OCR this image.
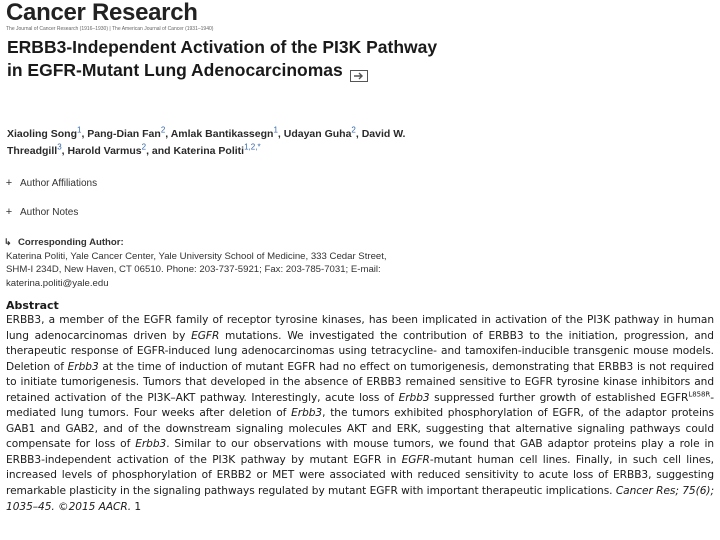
Cancer Research
The Journal of Cancer Research (1916–1930) | The American Journal of Cancer (1931–1940)
ERBB3-Independent Activation of the PI3K Pathway in EGFR-Mutant Lung Adenocarcinomas
Xiaoling Song$^1$, Pang-Dian Fan$^2$, Amlak Bantikassegn$^1$, Udayan Guha$^2$, David W. Threadgill$^3$, Harold Varmus$^2$, and Katerina Politi$^{1,2,*}$
+ Author Affiliations
+ Author Notes
↳ Corresponding Author:
Katerina Politi, Yale Cancer Center, Yale University School of Medicine, 333 Cedar Street,
SHM-I 234D, New Haven, CT 06510. Phone: 203-737-5921; Fax: 203-785-7031; E-mail:
katerina.politi@yale.edu
Abstract
ERBB3, a member of the EGFR family of receptor tyrosine kinases, has been implicated in activation of the PI3K pathway in human lung adenocarcinomas driven by EGFR mutations. We investigated the contribution of ERBB3 to the initiation, progression, and therapeutic response of EGFR-induced lung adenocarcinomas using tetracycline- and tamoxifen-inducible transgenic mouse models. Deletion of Erbb3 at the time of induction of mutant EGFR had no effect on tumorigenesis, demonstrating that ERBB3 is not required to initiate tumorigenesis. Tumors that developed in the absence of ERBB3 remained sensitive to EGFR tyrosine kinase inhibitors and retained activation of the PI3K–AKT pathway. Interestingly, acute loss of Erbb3 suppressed further growth of established $EGFR^{L858R}$-mediated lung tumors. Four weeks after deletion of Erbb3, the tumors exhibited phosphorylation of EGFR, of the adaptor proteins GAB1 and GAB2, and of the downstream signaling molecules AKT and ERK, suggesting that alternative signaling pathways could compensate for loss of Erbb3. Similar to our observations with mouse tumors, we found that GAB adaptor proteins play a role in ERBB3-independent activation of the PI3K pathway by mutant EGFR in EGFR-mutant human cell lines. Finally, in such cell lines, increased levels of phosphorylation of ERBB2 or MET were associated with reduced sensitivity to acute loss of ERBB3, suggesting remarkable plasticity in the signaling pathways regulated by mutant EGFR with important therapeutic implications. Cancer Res; 75(6); 1035–45. ©2015 AACR. 1
